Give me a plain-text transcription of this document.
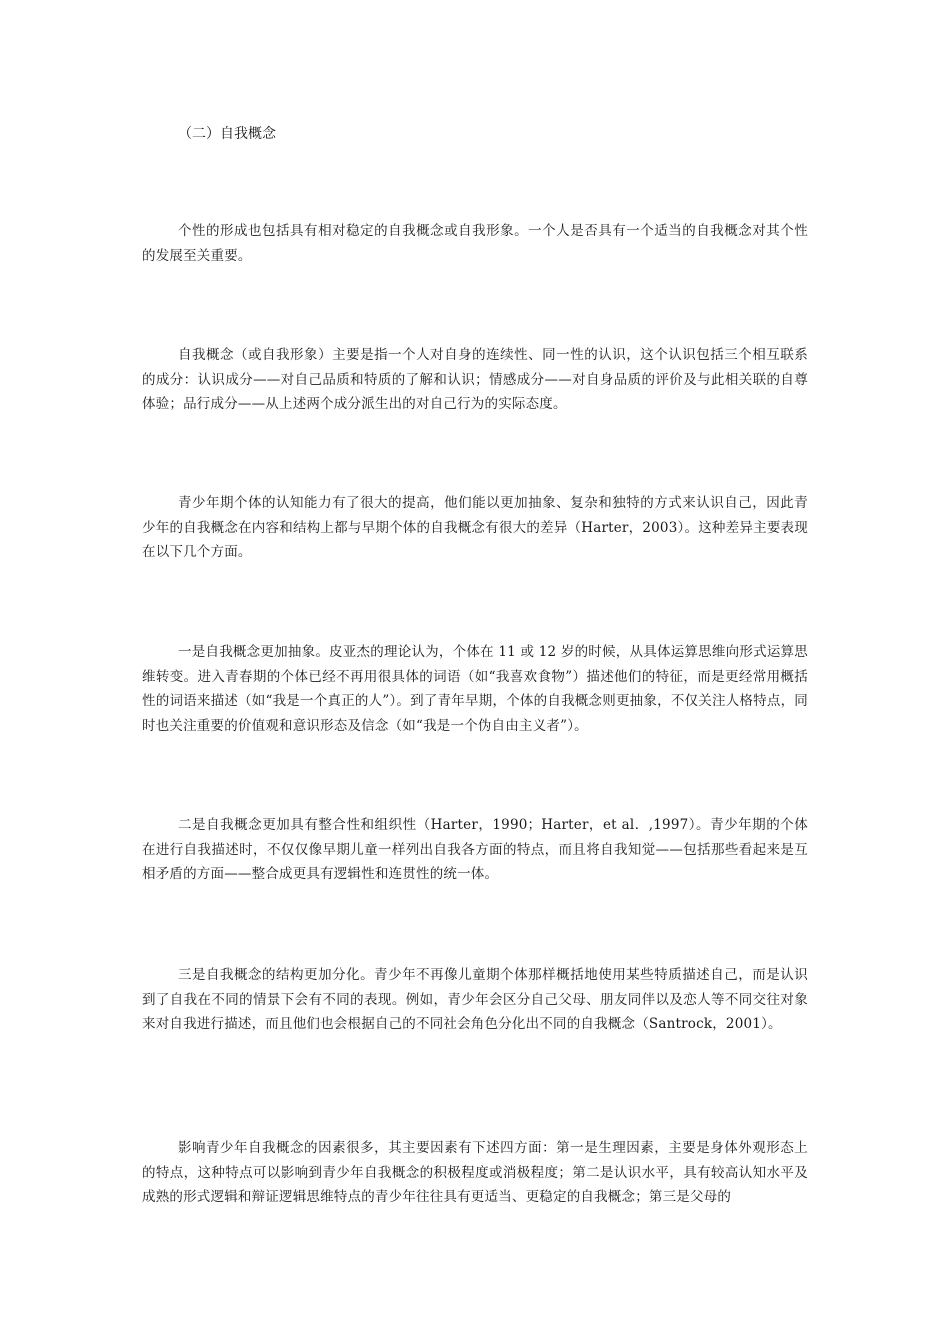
（二）自我概念

个性的形成也包括具有相对稳定的自我概念或自我形象。一个人是否具有一个适当的自我概念对其个性的发展至关重要。

自我概念（或自我形象）主要是指一个人对自身的连续性、同一性的认识，这个认识包括三个相互联系的成分：认识成分——对自己品质和特质的了解和认识；情感成分——对自身品质的评价及与此相关联的自尊体验；品行成分——从上述两个成分派生出的对自己行为的实际态度。

青少年期个体的认知能力有了很大的提高，他们能以更加抽象、复杂和独特的方式来认识自己，因此青少年的自我概念在内容和结构上都与早期个体的自我概念有很大的差异（Harter，2003）。这种差异主要表现在以下几个方面。

一是自我概念更加抽象。皮亚杰的理论认为，个体在 11 或 12 岁的时候，从具体运算思维向形式运算思维转变。进入青春期的个体已经不再用很具体的词语（如“我喜欢食物”）描述他们的特征，而是更经常用概括性的词语来描述（如“我是一个真正的人”）。到了青年早期，个体的自我概念则更抽象，不仅关注人格特点，同时也关注重要的价值观和意识形态及信念（如“我是一个伪自由主义者”）。

二是自我概念更加具有整合性和组织性（Harter，1990；Harter，et al．,1997）。青少年期的个体在进行自我描述时，不仅仅像早期儿童一样列出自我各方面的特点，而且将自我知觉——包括那些看起来是互相矛盾的方面——整合成更具有逻辑性和连贯性的统一体。

三是自我概念的结构更加分化。青少年不再像儿童期个体那样概括地使用某些特质描述自己，而是认识到了自我在不同的情景下会有不同的表现。例如，青少年会区分自己父母、朋友同伴以及恋人等不同交往对象来对自我进行描述，而且他们也会根据自己的不同社会角色分化出不同的自我概念（Santrock，2001）。

影响青少年自我概念的因素很多，其主要因素有下述四方面：第一是生理因素，主要是身体外观形态上的特点，这种特点可以影响到青少年自我概念的积极程度或消极程度；第二是认识水平，具有较高认知水平及成熟的形式逻辑和辩证逻辑思维特点的青少年往往具有更适当、更稳定的自我概念；第三是父母的
